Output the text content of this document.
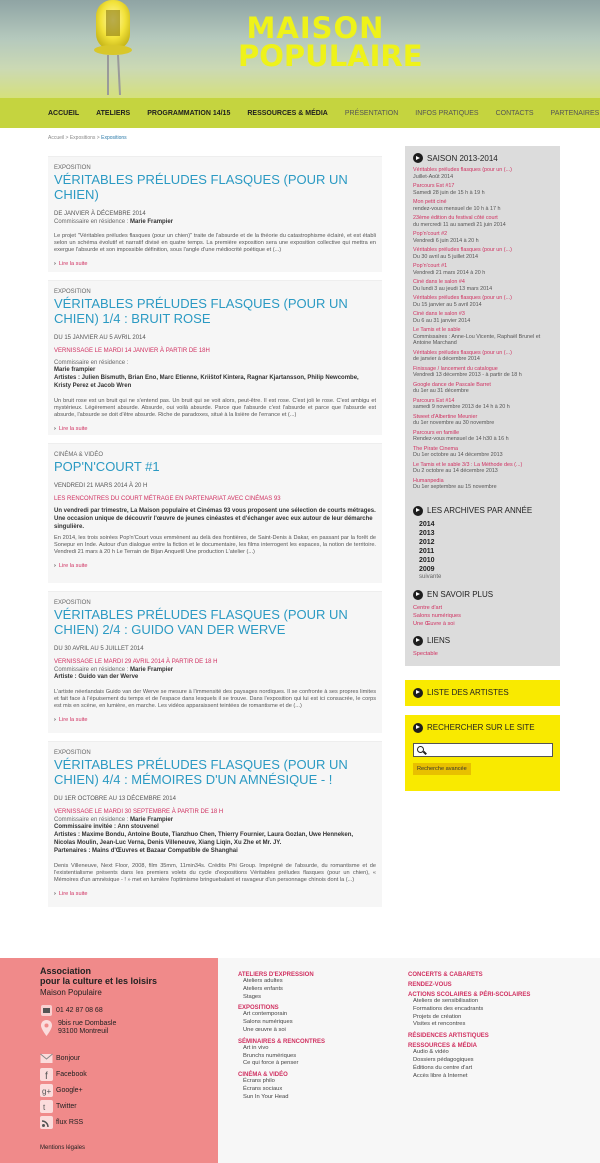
MAISON
POPULAIRE
ACCUEIL ATELIERS PROGRAMMATION 14/15 RESSOURCES & MÉDIA PRÉSENTATION INFOS PRATIQUES CONTACTS PARTENAIRES
Accueil > Expositions > Expositions
EXPOSITION
VÉRITABLES PRÉLUDES FLASQUES (POUR UN CHIEN)
DE JANVIER À DÉCEMBRE 2014
Commissaire en résidence : Marie Frampier
Le projet "Véritables préludes flasques (pour un chien)" traite de l'absurde et de la théorie du catastrophisme éclairé, et est établi selon un schéma évolutif et narratif divisé en quatre temps. La première exposition sera une exposition collective qui mettra en exergue l'absurde et son impossible définition, sous l'angle d'une médiocrité poétique et (...)
› Lire la suite
EXPOSITION
VÉRITABLES PRÉLUDES FLASQUES (POUR UN CHIEN) 1/4 : BRUIT ROSE
DU 15 JANVIER AU 5 AVRIL 2014
VERNISSAGE LE MARDI 14 JANVIER À PARTIR DE 18H
Commissaire en résidence :
Marie frampier
Artistes : Julien Bismuth, Brian Eno, Marc Etienne, Kriištof Kintera, Ragnar Kjartansson, Philip Newcombe, Kristy Perez et Jacob Wren
Un bruit rose est un bruit qui ne s'entend pas. Un bruit qui se voit alors, peut-être. Il est rose. C'est joli le rose. C'est ambigu et mystérieux. Légèrement absurde. Absurde, oui voilà absurde. Parce que l'absurde c'est l'absurde et parce que l'absurde est absurde, l'absurde se doit d'être absurde. Riche de paradoxes, situé à la lisière de l'errance et (...)
› Lire la suite
CINÉMA & VIDÉO
POP'N'COURT #1
VENDREDI 21 MARS 2014 À 20 H
LES RENCONTRES DU COURT MÉTRAGE EN PARTENARIAT AVEC CINÉMAS 93
Un vendredi par trimestre, La Maison populaire et Cinémas 93 vous proposent une sélection de courts métrages. Une occasion unique de découvrir l'œuvre de jeunes cinéastes et d'échanger avec eux autour de leur démarche singulière.
En 2014, les trois soirées Pop'n'Court vous emmènent au delà des frontières, de Saint-Denis à Dakar, en passant par la forêt de Sonepur en Inde. Autour d'un dialogue entre la fiction et le documentaire, les films interrogent les espaces, la notion de territoire. Vendredi 21 mars à 20 h Le Terrain de Bijan Anquetil Une production L'atelier (...)
› Lire la suite
EXPOSITION
VÉRITABLES PRÉLUDES FLASQUES (POUR UN CHIEN) 2/4 : GUIDO VAN DER WERVE
DU 30 AVRIL AU 5 JUILLET 2014
VERNISSAGE LE MARDI 29 AVRIL 2014 À PARTIR DE 18 H
Commissaire en résidence : Marie Frampier
Artiste : Guido van der Werve
L'artiste néerlandais Guido van der Werve se mesure à l'immensité des paysages nordiques. Il se confronte à ses propres limites et fait face à l'épuisement du temps et de l'espace dans lesquels il se trouve. Dans l'exposition qui lui est ici consacrée, le corps est mis en scène, en lumière, en marche. Les vidéos apparaissent teintées de romantisme et de (...)
› Lire la suite
EXPOSITION
VÉRITABLES PRÉLUDES FLASQUES (POUR UN CHIEN) 4/4 : MÉMOIRES D'UN AMNÉSIQUE - !
DU 1ER OCTOBRE AU 13 DÉCEMBRE 2014
VERNISSAGE LE MARDI 30 SEPTEMBRE À PARTIR DE 18 H
Commissaire en résidence : Marie Frampier
Commissaire invitée : Ann stouvenel
Artistes : Maxime Bondu, Antoine Boute, Tianzhuo Chen, Thierry Fournier, Laura Gozlan, Uwe Henneken, Nicolas Moulin, Jean-Luc Verna, Denis Villeneuve, Xiang Liqin, Xu Zhe et Mr. JY.
Partenaires : Mains d'Œuvres et Bazaar Compatible de Shanghai
Denis Villeneuve, Next Floor, 2008, film 35mm, 11min34s. Crédits Phi Group. Imprégné de l'absurde, du romantisme et de l'existentialisme présents dans les premiers volets du cycle d'expositions Véritables préludes flasques (pour un chien), « Mémoires d'un amnésique - ! » met en lumière l'optimisme bringuebalant et ravageur d'un personnage chinois dont la (...)
› Lire la suite
SAISON 2013-2014
Véritables préludes flasques (pour un (...)
Juillet-Août 2014
Parcours Est #17
Samedi 28 juin de 15 h à 19 h
Mon petit ciné
rendez-vous mensuel de 10 h à 17 h
23ème édition du festival côté court
du mercredi 11 au samedi 21 juin 2014
Pop'n'court #2
Vendredi 6 juin 2014 à 20 h
Véritables préludes flasques (pour un (...)
Du 30 avril au 5 juillet 2014
Pop'n'court #1
Vendredi 21 mars 2014 à 20 h
Ciné dans le salon #4
Du lundi 3 au jeudi 13 mars 2014
Véritables préludes flasques (pour un (...)
Du 15 janvier au 5 avril 2014
Ciné dans le salon #3
Du 6 au 31 janvier 2014
Le Tamis et le sable
Commissaires : Anne-Lou Vicente, Raphaël Brunel et Antoine Marchand
Véritables préludes flasques (pour un (...)
de janvier à décembre 2014
Finissage / lancement du catalogue
Vendredi 13 décembre 2013 - à partir de 18 h
Google dance de Pascale Barret
du 1er au 31 décembre
Parcours Est #14
samedi 9 novembre 2013 de 14 h à 20 h
Stweet d'Albertine Meunier
du 1er novembre au 30 novembre
Parcours en famille
Rendez-vous mensuel de 14 h30 à 16 h
The Pirate Cinema
Du 1er octobre au 14 décembre 2013
Le Tamis et le sable 3/3 : La Méthode des (...)
Du 2 octobre au 14 décembre 2013
Humanpedia
Du 1er septembre au 15 novembre
LES ARCHIVES PAR ANNÉE
2014
2013
2012
2011
2010
2009
suivante
EN SAVOIR PLUS
Centre d'art
Salons numériques
Une Œuvre à soi
LIENS
Spectable
LISTE DES ARTISTES
RECHERCHER SUR LE SITE
Recherche avancée
Association
pour la culture et les loisirs
Maison Populaire
01 42 87 08 68
9bis rue Dombasle
93100 Montreuil
Bonjour
f Facebook
g+ Google+
t Twitter
flux RSS
Mentions légales
ATELIERS D'EXPRESSION
Ateliers adultes
Ateliers enfants
Stages
EXPOSITIONS
Art contemporain
Salons numériques
Une œuvre à soi
SÉMINAIRES & RENCONTRES
Art in vivo
Brunchs numériques
Ce qui force à penser
CINÉMA & VIDÉO
Écrans philo
Écrans sociaux
Sun In Your Head
CONCERTS & CABARETS
RENDEZ-VOUS
ACTIONS SCOLAIRES & PÉRI-SCOLAIRES
Ateliers de sensibilisation
Formations des encadrants
Projets de création
Visites et rencontres
RÉSIDENCES ARTISTIQUES
RESSOURCES & MÉDIA
Audio & vidéo
Dossiers pédagogiques
Éditions du centre d'art
Accès libre à Internet
